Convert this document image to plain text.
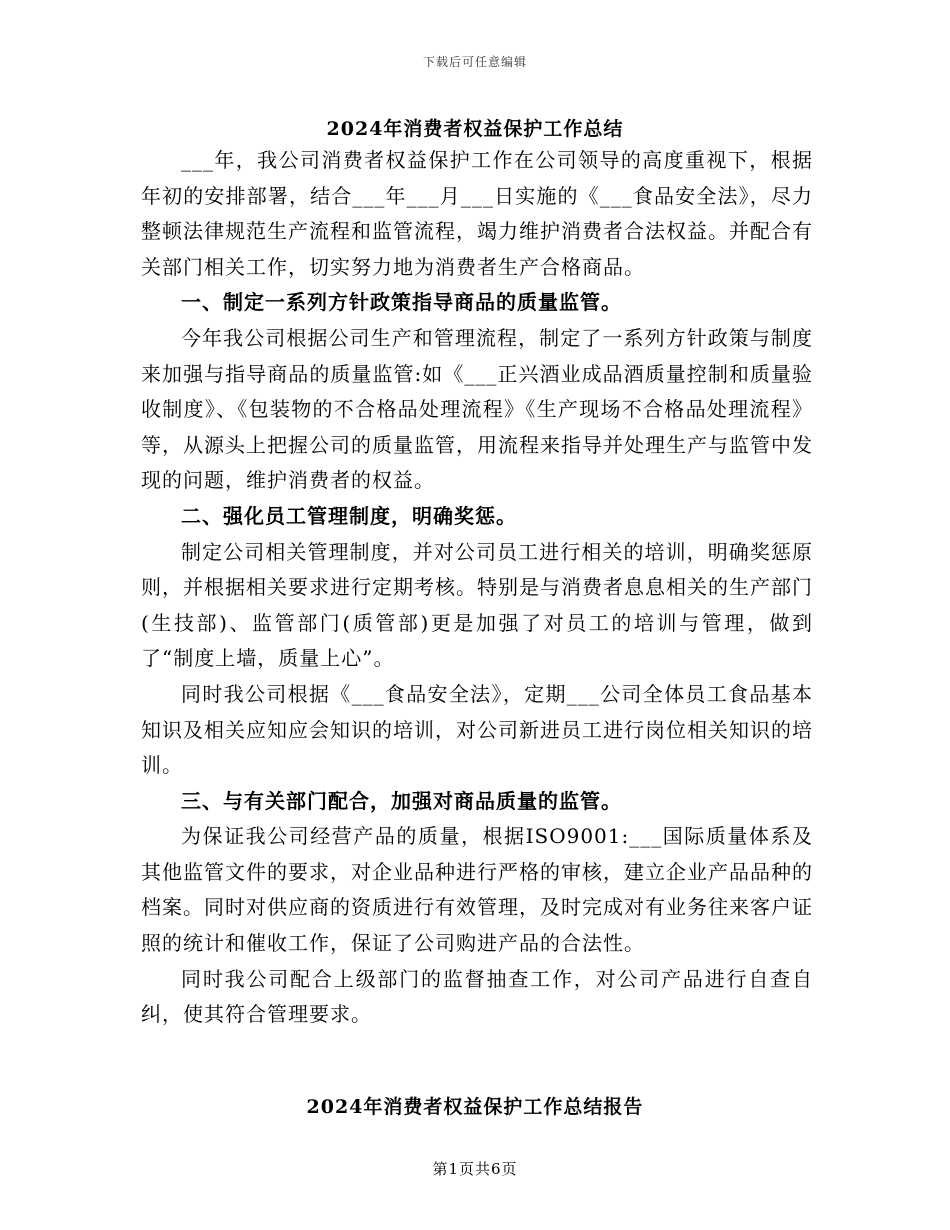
下载后可任意编辑
2024年消费者权益保护工作总结

___年，我公司消费者权益保护工作在公司领导的高度重视下，根据年初的安排部署，结合___年___月___日实施的《___食品安全法》，尽力整顿法律规范生产流程和监管流程，竭力维护消费者合法权益。并配合有关部门相关工作，切实努力地为消费者生产合格商品。

一、制定一系列方针政策指导商品的质量监管。

今年我公司根据公司生产和管理流程，制定了一系列方针政策与制度来加强与指导商品的质量监管:如《___正兴酒业成品酒质量控制和质量验收制度》、《包装物的不合格品处理流程》《生产现场不合格品处理流程》等，从源头上把握公司的质量监管，用流程来指导并处理生产与监管中发现的问题，维护消费者的权益。

二、强化员工管理制度，明确奖惩。

制定公司相关管理制度，并对公司员工进行相关的培训，明确奖惩原则，并根据相关要求进行定期考核。特别是与消费者息息相关的生产部门(生技部)、监管部门(质管部)更是加强了对员工的培训与管理，做到了“制度上墙，质量上心”。

同时我公司根据《___食品安全法》，定期___公司全体员工食品基本知识及相关应知应会知识的培训，对公司新进员工进行岗位相关知识的培训。

三、与有关部门配合，加强对商品质量的监管。

为保证我公司经营产品的质量，根据ISO9001:___国际质量体系及其他监管文件的要求，对企业品种进行严格的审核，建立企业产品品种的档案。同时对供应商的资质进行有效管理，及时完成对有业务往来客户证照的统计和催收工作，保证了公司购进产品的合法性。

同时我公司配合上级部门的监督抽查工作，对公司产品进行自查自纠，使其符合管理要求。

2024年消费者权益保护工作总结报告
第1页共6页
